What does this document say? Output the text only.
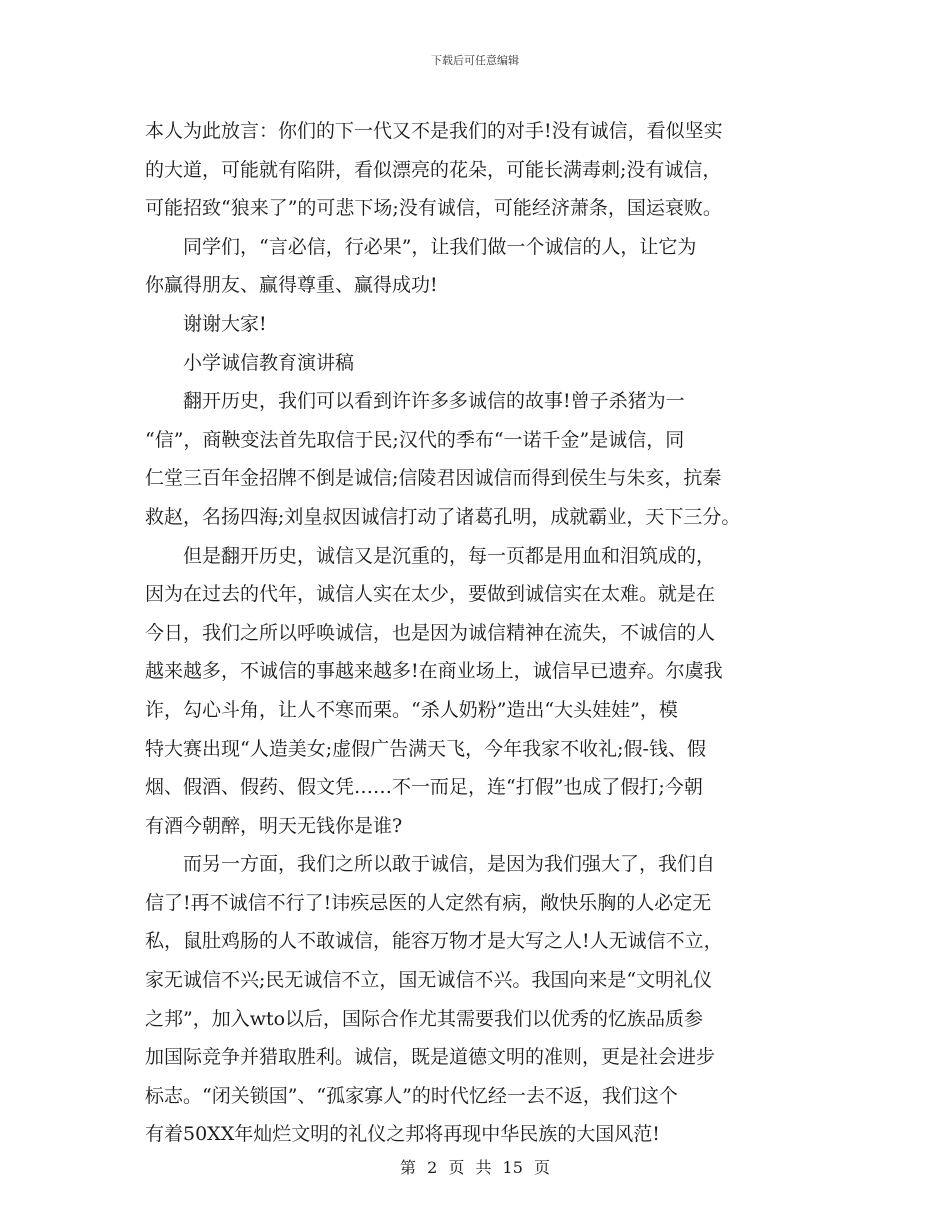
下载后可任意编辑
本人为此放言：你们的下一代又不是我们的对手!没有诚信，看似坚实
的大道，可能就有陷阱，看似漂亮的花朵，可能长满毒刺;没有诚信，
可能招致“狼来了”的可悲下场;没有诚信，可能经济萧条，国运衰败。
同学们，“言必信，行必果”，让我们做一个诚信的人，让它为
你赢得朋友、赢得尊重、赢得成功!
谢谢大家!
小学诚信教育演讲稿
翻开历史，我们可以看到许许多多诚信的故事!曾子杀猪为一
“信”，商鞅变法首先取信于民;汉代的季布“一诺千金”是诚信，同
仁堂三百年金招牌不倒是诚信;信陵君因诚信而得到侯生与朱亥，抗秦
救赵，名扬四海;刘皇叔因诚信打动了诸葛孔明，成就霸业，天下三分。
但是翻开历史，诚信又是沉重的，每一页都是用血和泪筑成的，
因为在过去的代年，诚信人实在太少，要做到诚信实在太难。就是在
今日，我们之所以呼唤诚信，也是因为诚信精神在流失，不诚信的人
越来越多，不诚信的事越来越多!在商业场上，诚信早已遗弃。尔虞我
诈，勾心斗角，让人不寒而栗。“杀人奶粉”造出“大头娃娃”，模
特大赛出现“人造美女;虚假广告满天飞，今年我家不收礼;假-钱、假
烟、假酒、假药、假文凭……不一而足，连“打假”也成了假打;今朝
有酒今朝醉，明天无钱你是谁?
而另一方面，我们之所以敢于诚信，是因为我们强大了，我们自
信了!再不诚信不行了!讳疾忌医的人定然有病，敞快乐胸的人必定无
私，鼠肚鸡肠的人不敢诚信，能容万物才是大写之人!人无诚信不立，
家无诚信不兴;民无诚信不立，国无诚信不兴。我国向来是“文明礼仪
之邦”，加入wto以后，国际合作尤其需要我们以优秀的忆族品质参
加国际竞争并猎取胜利。诚信，既是道德文明的准则，更是社会进步
标志。“闭关锁国”、“孤家寡人”的时代忆经一去不返，我们这个
有着50XX年灿烂文明的礼仪之邦将再现中华民族的大国风范!
第 2 页 共 15 页
